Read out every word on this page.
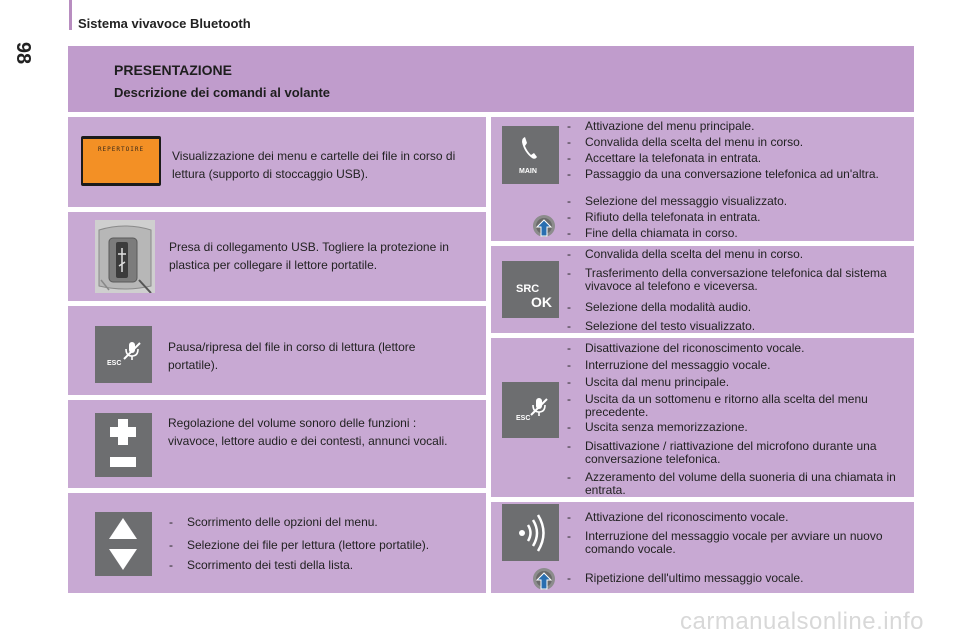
98
Sistema vivavoce Bluetooth
PRESENTAZIONE
Descrizione dei comandi al volante
REPERTOIRE	Visualizzazione dei menu e cartelle dei file in corso di lettura (supporto di stoccaggio USB).
Presa di collegamento USB. Togliere la protezione in plastica per collegare il lettore portatile.
ESC
Pausa/ripresa del file in corso di lettura (lettore portatile).
Regolazione del volume sonoro delle funzioni : vivavoce, lettore audio e dei contesti, annunci vocali.
- Scorrimento delle opzioni del menu.
- Selezione dei file per lettura (lettore portatile).
- Scorrimento dei testi della lista.
MAIN
- Attivazione del menu principale.
- Convalida della scelta del menu in corso.
- Accettare la telefonata in entrata.
- Passaggio da una conversazione telefonica ad un'altra.
- Selezione del messaggio visualizzato.
- Rifiuto della telefonata in entrata.
- Fine della chiamata in corso.
SRC
OK
- Convalida della scelta del menu in corso.
- Trasferimento della conversazione telefonica dal sistema vivavoce al telefono e viceversa.
- Selezione della modalità audio.
- Selezione del testo visualizzato.
ESC
- Disattivazione del riconoscimento vocale.
- Interruzione del messaggio vocale.
- Uscita dal menu principale.
- Uscita da un sottomenu e ritorno alla scelta del menu precedente.
- Uscita senza memorizzazione.
- Disattivazione / riattivazione del microfono durante una conversazione telefonica.
- Azzeramento del volume della suoneria di una chiamata in entrata.
- Attivazione del riconoscimento vocale.
- Interruzione del messaggio vocale per avviare un nuovo comando vocale.
- Ripetizione dell'ultimo messaggio vocale.
carmanualsonline.info
